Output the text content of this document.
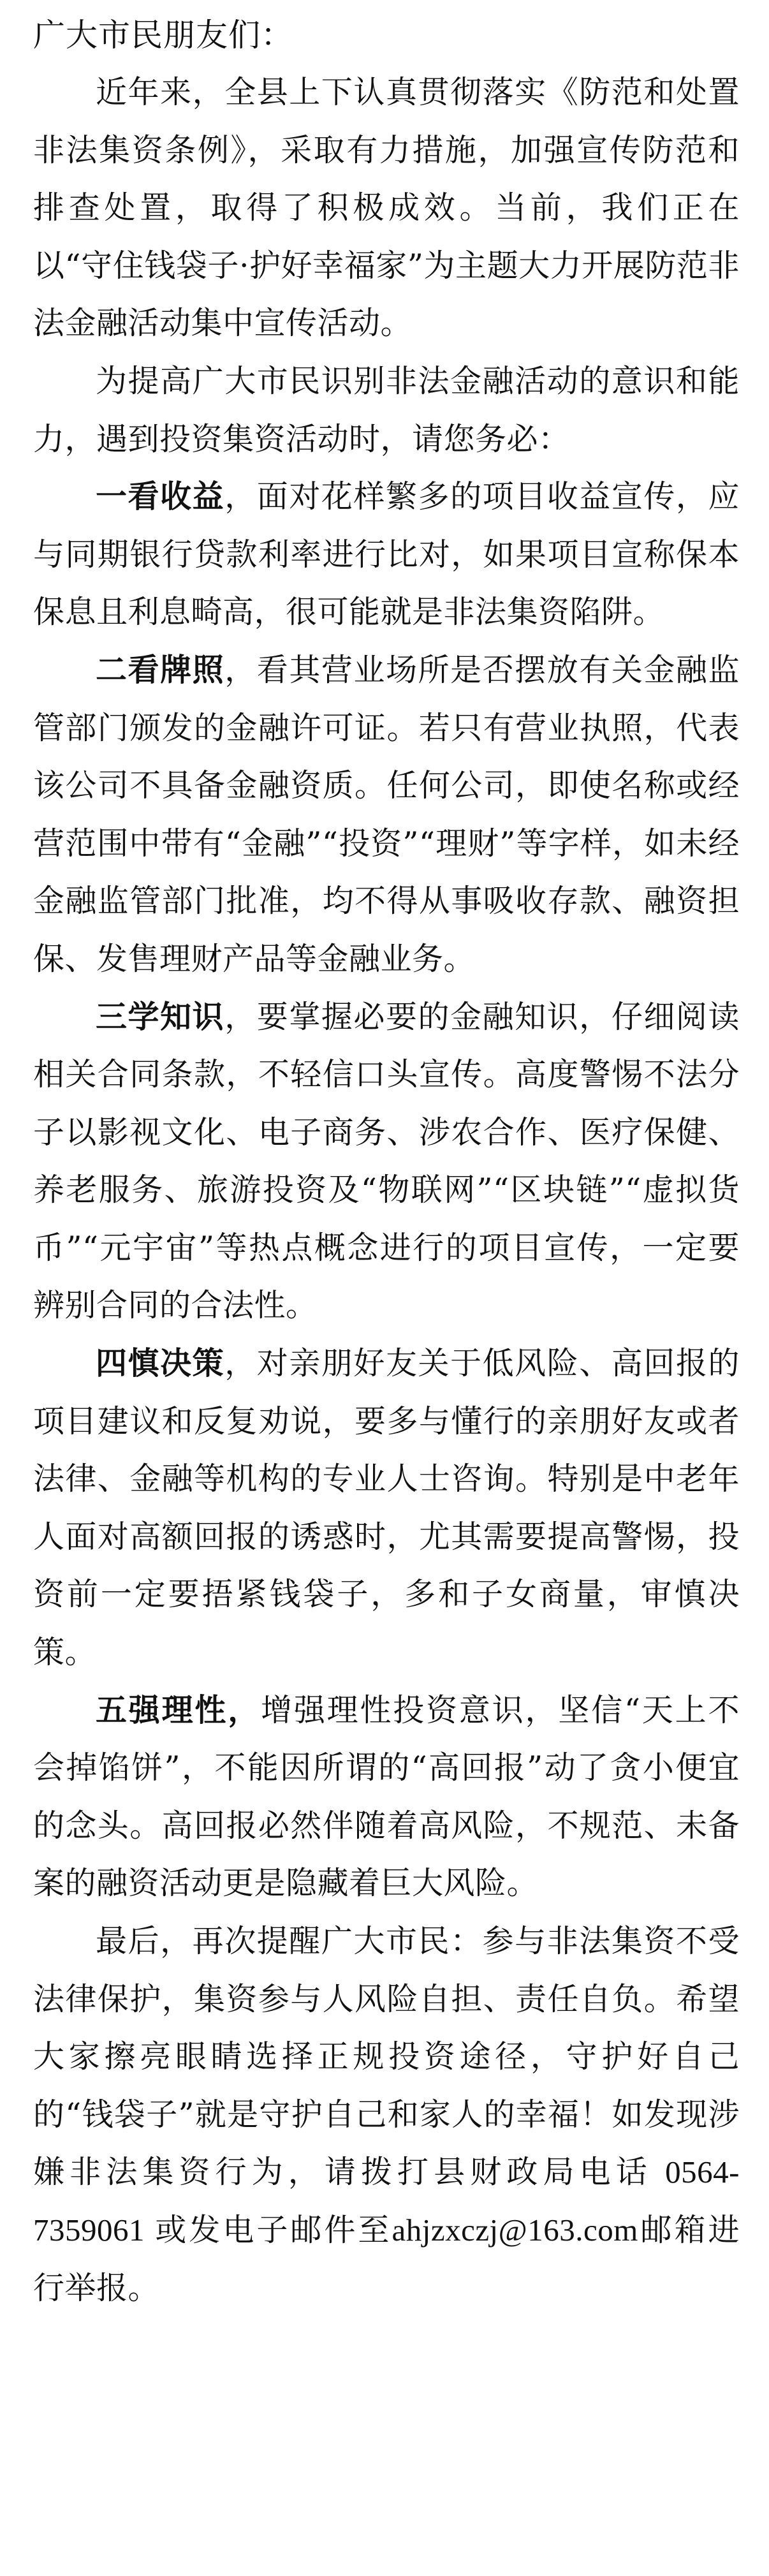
广大市民朋友们：

近年来，全县上下认真贯彻落实《防范和处置非法集资条例》，采取有力措施，加强宣传防范和排查处置，取得了积极成效。当前，我们正在以“守住钱袋子·护好幸福家”为主题大力开展防范非法金融活动集中宣传活动。

为提高广大市民识别非法金融活动的意识和能力，遇到投资集资活动时，请您务必：

一看收益，面对花样繁多的项目收益宣传，应与同期银行贷款利率进行比对，如果项目宣称保本保息且利息畸高，很可能就是非法集资陷阱。

二看牌照，看其营业场所是否摆放有关金融监管部门颁发的金融许可证。若只有营业执照，代表该公司不具备金融资质。任何公司，即使名称或经营范围中带有“金融”“投资”“理财”等字样，如未经金融监管部门批准，均不得从事吸收存款、融资担保、发售理财产品等金融业务。

三学知识，要掌握必要的金融知识，仔细阅读相关合同条款，不轻信口头宣传。高度警惕不法分子以影视文化、电子商务、涉农合作、医疗保健、养老服务、旅游投资及“物联网”“区块链”“虚拟货币”“元宇宙”等热点概念进行的项目宣传，一定要辨别合同的合法性。

四慎决策，对亲朋好友关于低风险、高回报的项目建议和反复劝说，要多与懂行的亲朋好友或者法律、金融等机构的专业人士咨询。特别是中老年人面对高额回报的诱惑时，尤其需要提高警惕，投资前一定要捂紧钱袋子，多和子女商量，审慎决策。

五强理性，增强理性投资意识，坚信“天上不会掉馅饼”，不能因所谓的“高回报”动了贪小便宜的念头。高回报必然伴随着高风险，不规范、未备案的融资活动更是隐藏着巨大风险。

最后，再次提醒广大市民：参与非法集资不受法律保护，集资参与人风险自担、责任自负。希望大家擦亮眼睛选择正规投资途径，守护好自己的“钱袋子”就是守护自己和家人的幸福！如发现涉嫌非法集资行为，请拨打县财政局电话 0564-7359061 或发电子邮件至ahjzxczj@163.com邮箱进行举报。
